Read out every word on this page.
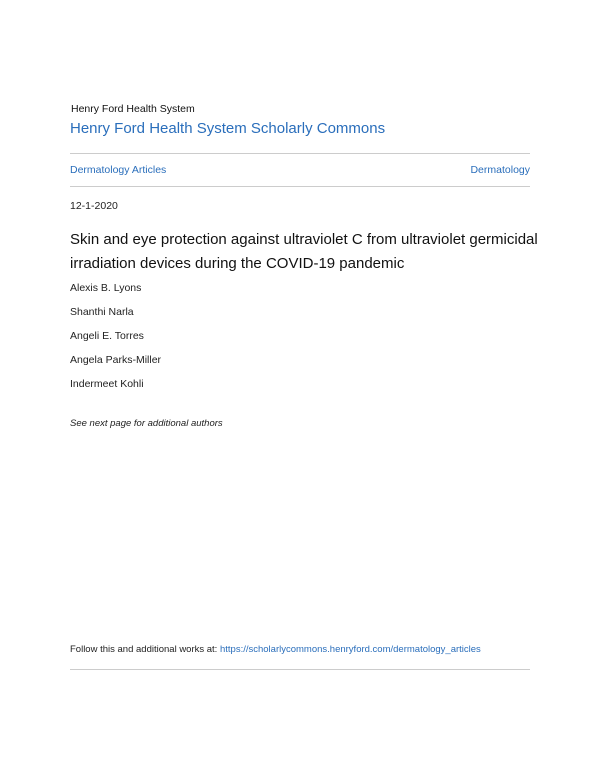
Henry Ford Health System
Henry Ford Health System Scholarly Commons
Dermatology Articles	Dermatology
12-1-2020
Skin and eye protection against ultraviolet C from ultraviolet germicidal irradiation devices during the COVID-19 pandemic
Alexis B. Lyons
Shanthi Narla
Angeli E. Torres
Angela Parks-Miller
Indermeet Kohli
See next page for additional authors
Follow this and additional works at: https://scholarlycommons.henryford.com/dermatology_articles
